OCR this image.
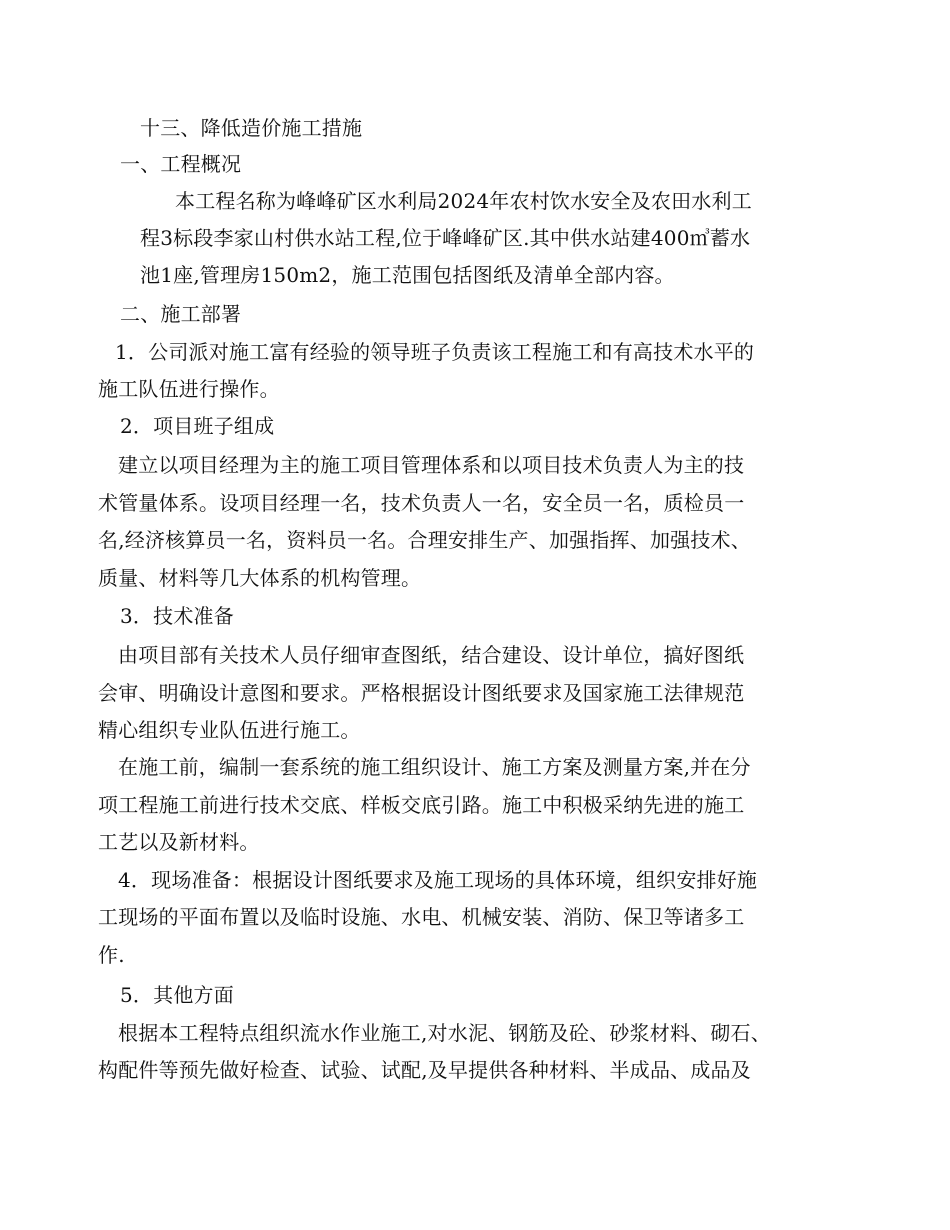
十三、降低造价施工措施
一、工程概况
本工程名称为峰峰矿区水利局2024年农村饮水安全及农田水利工
程3标段李家山村供水站工程,位于峰峰矿区.其中供水站建400㎥蓄水
池1座,管理房150m2，施工范围包括图纸及清单全部内容。
二、施工部署
1．公司派对施工富有经验的领导班子负责该工程施工和有高技术水平的
施工队伍进行操作。
2．项目班子组成
建立以项目经理为主的施工项目管理体系和以项目技术负责人为主的技
术管量体系。设项目经理一名，技术负责人一名，安全员一名，质检员一
名,经济核算员一名，资料员一名。合理安排生产、加强指挥、加强技术、
质量、材料等几大体系的机构管理。
3．技术准备
由项目部有关技术人员仔细审查图纸，结合建设、设计单位，搞好图纸
会审、明确设计意图和要求。严格根据设计图纸要求及国家施工法律规范
精心组织专业队伍进行施工。
在施工前，编制一套系统的施工组织设计、施工方案及测量方案,并在分
项工程施工前进行技术交底、样板交底引路。施工中积极采纳先进的施工
工艺以及新材料。
4．现场准备：根据设计图纸要求及施工现场的具体环境，组织安排好施
工现场的平面布置以及临时设施、水电、机械安装、消防、保卫等诸多工
作.
5．其他方面
根据本工程特点组织流水作业施工,对水泥、钢筋及砼、砂浆材料、砌石、
构配件等预先做好检查、试验、试配,及早提供各种材料、半成品、成品及
